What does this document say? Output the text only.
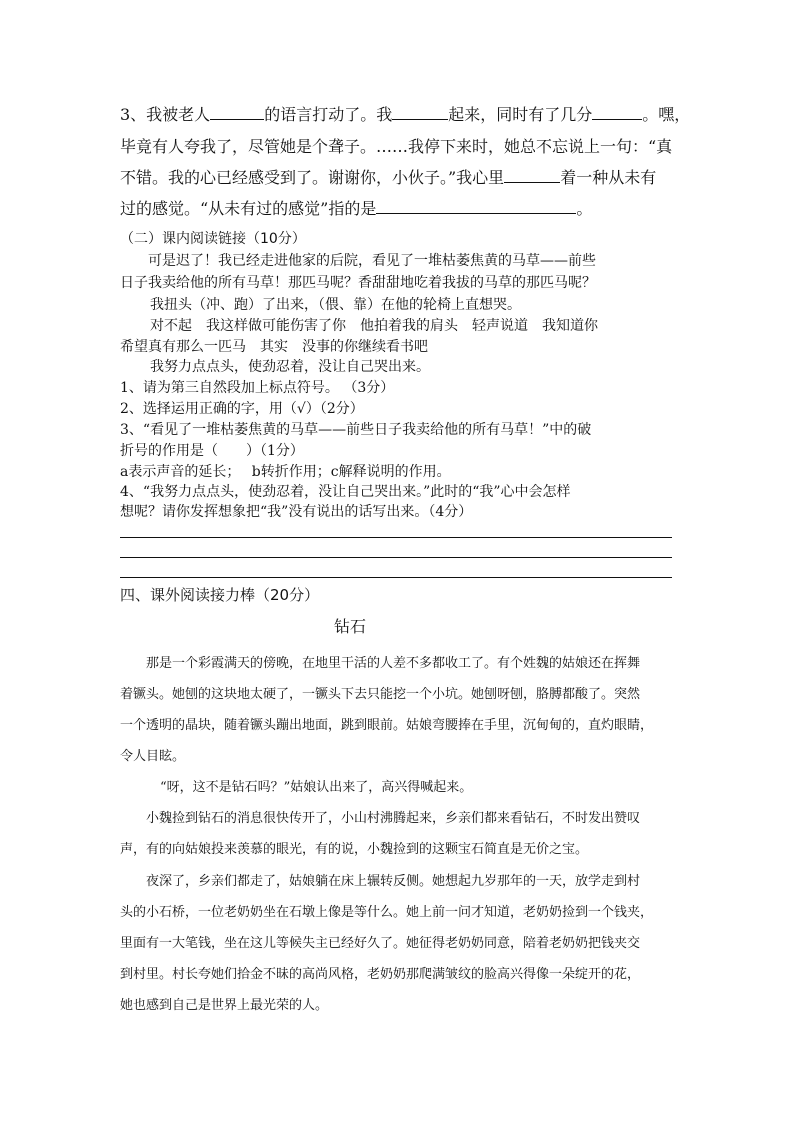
3、我被老人	的语言打动了。我	起来，同时有了几分	。嘿，
毕竟有人夸我了，尽管她是个聋子。……我停下来时，她总不忘说上一句：“真
不错。我的心已经感受到了。谢谢你，小伙子。”我心里	着一种从未有
过的感觉。“从未有过的感觉”指的是	。
（二）课内阅读链接（10分）
可是迟了！我已经走进他家的后院，看见了一堆枯萎焦黄的马草——前些
日子我卖给他的所有马草！那匹马呢？香甜甜地吃着我拔的马草的那匹马呢？
我扭头（冲、跑）了出来，（偎、靠）在他的轮椅上直想哭。
对不起　我这样做可能伤害了你　他拍着我的肩头　轻声说道　我知道你
希望真有那么一匹马　其实　没事的你继续看书吧
我努力点点头，使劲忍着，没让自己哭出来。
1、请为第三自然段加上标点符号。 （3分）
2、选择运用正确的字，用（√）（2分）
3、“看见了一堆枯萎焦黄的马草——前些日子我卖给他的所有马草！”中的破
折号的作用是（　　）（1分）
a表示声音的延长；　 b转折作用；c解释说明的作用。
4、“我努力点点头，使劲忍着，没让自己哭出来。”此时的“我”心中会怎样
想呢？请你发挥想象把“我”没有说出的话写出来。（4分）
四、课外阅读接力棒（20分）
钻石
那是一个彩霞满天的傍晚，在地里干活的人差不多都收工了。有个姓魏的姑娘还在挥舞
着镢头。她刨的这块地太硬了，一镢头下去只能挖一个小坑。她刨呀刨，胳膊都酸了。突然
一个透明的晶块，随着镢头蹦出地面，跳到眼前。姑娘弯腰捧在手里，沉甸甸的，直灼眼睛，
令人目眩。
“呀，这不是钻石吗？”姑娘认出来了，高兴得喊起来。
小魏捡到钻石的消息很快传开了，小山村沸腾起来，乡亲们都来看钻石，不时发出赞叹
声，有的向姑娘投来羡慕的眼光，有的说，小魏捡到的这颗宝石简直是无价之宝。
夜深了，乡亲们都走了，姑娘躺在床上辗转反侧。她想起九岁那年的一天，放学走到村
头的小石桥，一位老奶奶坐在石墩上像是等什么。她上前一问才知道，老奶奶捡到一个钱夹，
里面有一大笔钱，坐在这儿等候失主已经好久了。她征得老奶奶同意，陪着老奶奶把钱夹交
到村里。村长夸她们拾金不昧的高尚风格，老奶奶那爬满皱纹的脸高兴得像一朵绽开的花，
她也感到自己是世界上最光荣的人。
